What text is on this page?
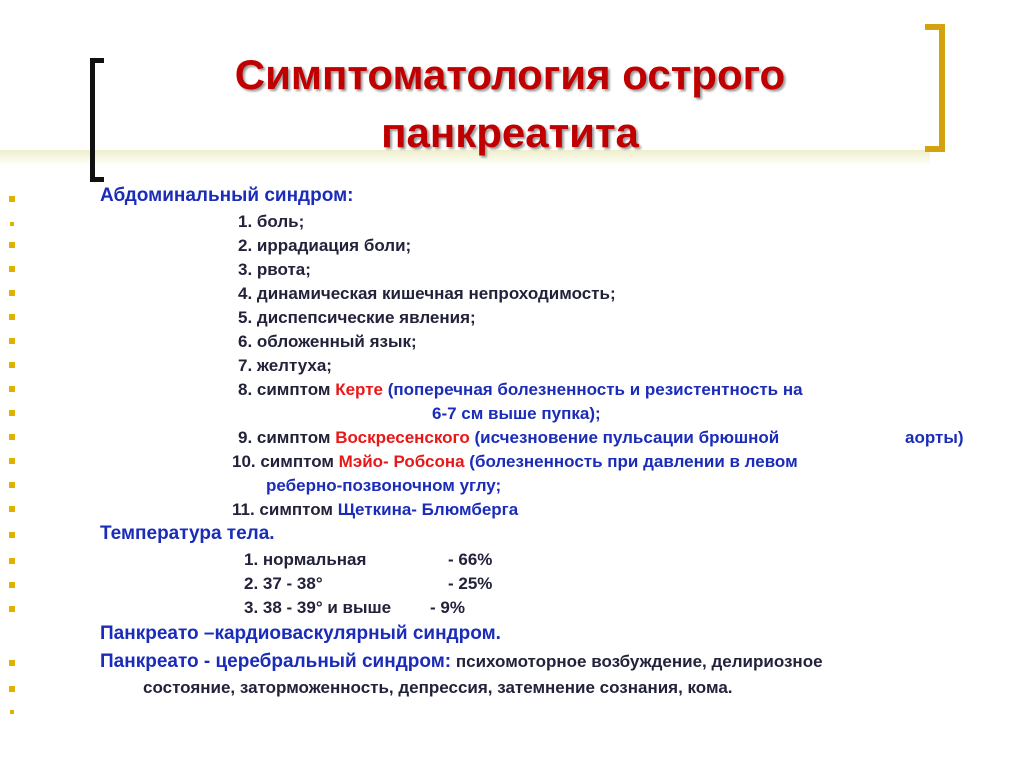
Симптоматология острого
панкреатита
Абдоминальный синдром:
1. боль;
2. иррадиация боли;
3. рвота;
4. динамическая кишечная непроходимость;
5. диспепсические явления;
6. обложенный язык;
7. желтуха;
8. симптом Керте (поперечная болезненность и резистентность на
6-7 см выше пупка);
9. симптом Воскресенского (исчезновение пульсации брюшной	аорты)
10. симптом Мэйо- Робсона (болезненность при давлении в левом
реберно-позвоночном углу;
11. симптом Щеткина- Блюмберга
Температура тела.
1. нормальная	- 66%
2. 37 - 38°	- 25%
3. 38 - 39° и выше - 9%
Панкреато –кардиоваскулярный синдром.
Панкреато - церебральный синдром: психомоторное возбуждение, делириозное
состояние, заторможенность, депрессия, затемнение сознания, кома.
